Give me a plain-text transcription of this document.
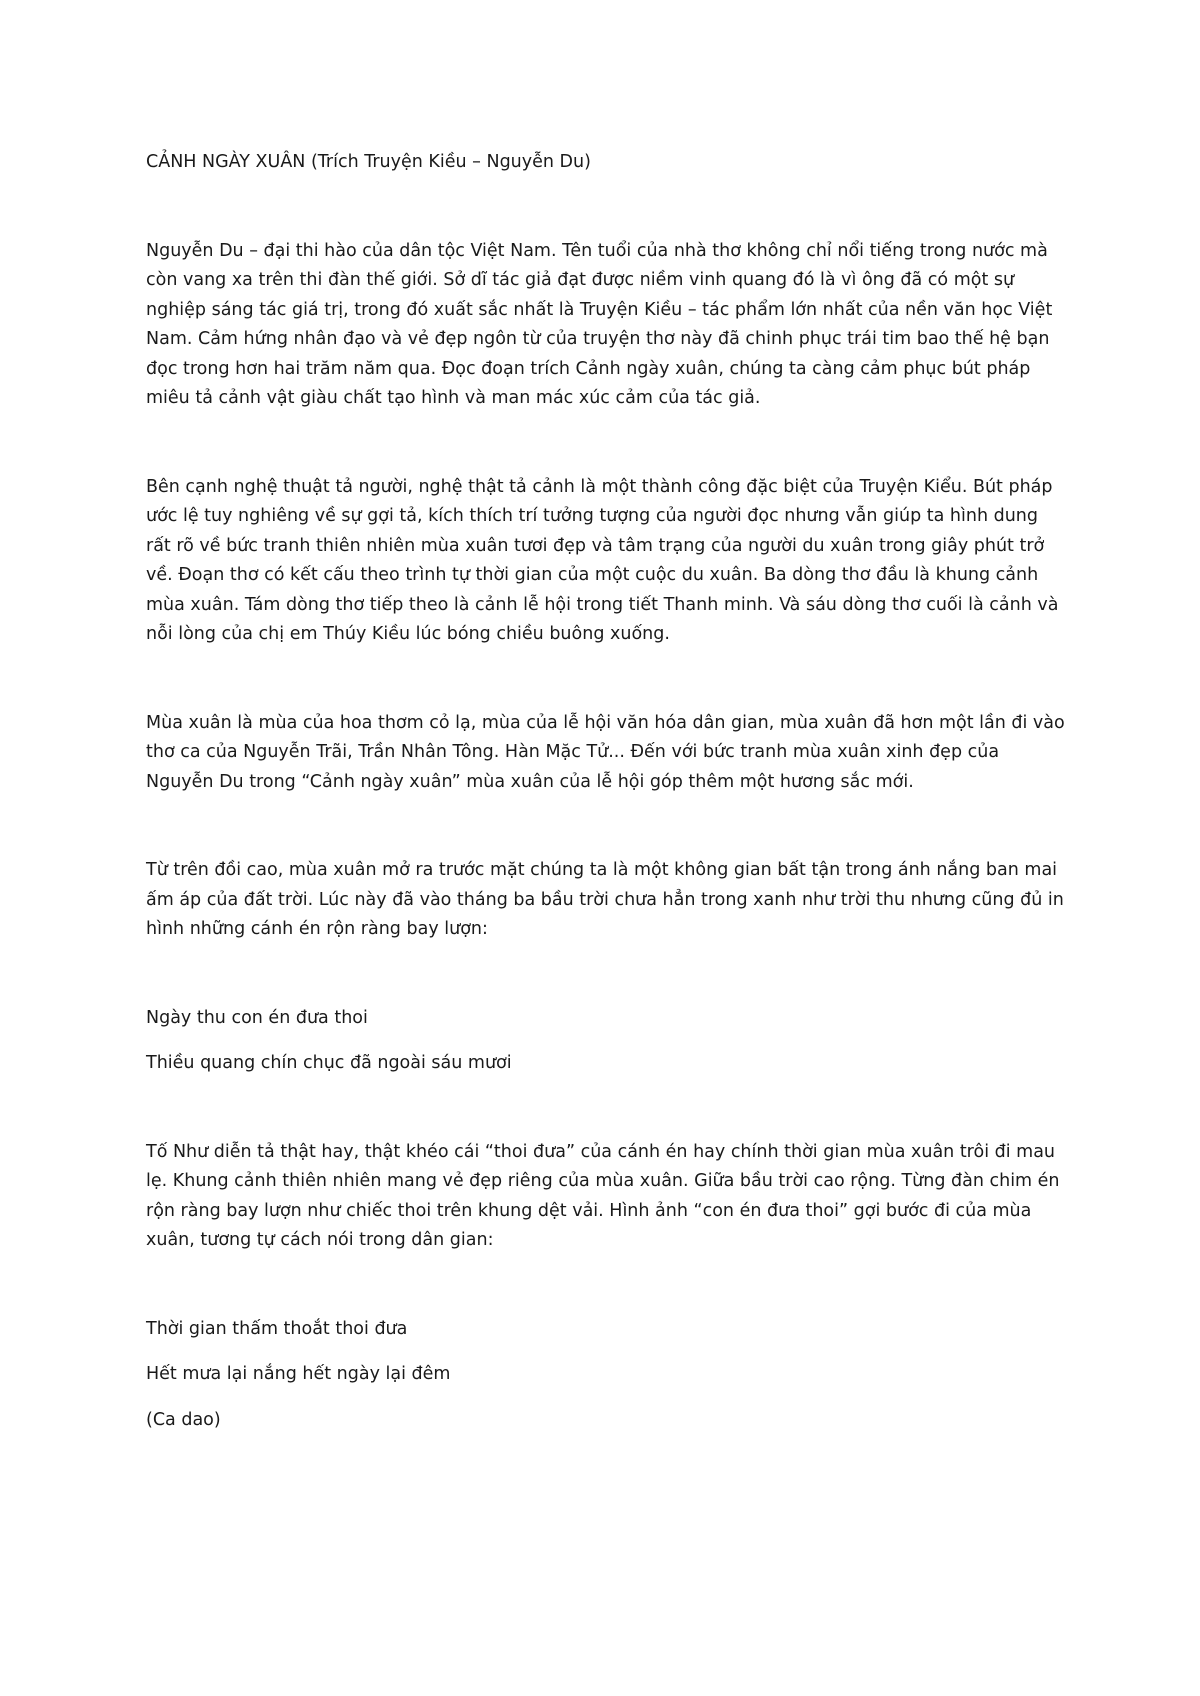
CẢNH NGÀY XUÂN (Trích Truyện Kiều – Nguyễn Du)

Nguyễn Du – đại thi hào của dân tộc Việt Nam. Tên tuổi của nhà thơ không chỉ nổi tiếng trong nước mà còn vang xa trên thi đàn thế giới. Sở dĩ tác giả đạt được niềm vinh quang đó là vì ông đã có một sự nghiệp sáng tác giá trị, trong đó xuất sắc nhất là Truyện Kiều – tác phẩm lớn nhất của nền văn học Việt Nam. Cảm hứng nhân đạo và vẻ đẹp ngôn từ của truyện thơ này đã chinh phục trái tim bao thế hệ bạn đọc trong hơn hai trăm năm qua. Đọc đoạn trích Cảnh ngày xuân, chúng ta càng cảm phục bút pháp miêu tả cảnh vật giàu chất tạo hình và man mác xúc cảm của tác giả.

Bên cạnh nghệ thuật tả người, nghệ thật tả cảnh là một thành công đặc biệt của Truyện Kiểu. Bút pháp ước lệ tuy nghiêng về sự gợi tả, kích thích trí tưởng tượng của người đọc nhưng vẫn giúp ta hình dung rất rõ về bức tranh thiên nhiên mùa xuân tươi đẹp và tâm trạng của người du xuân trong giây phút trở về. Đoạn thơ có kết cấu theo trình tự thời gian của một cuộc du xuân. Ba dòng thơ đầu là khung cảnh mùa xuân. Tám dòng thơ tiếp theo là cảnh lễ hội trong tiết Thanh minh. Và sáu dòng thơ cuối là cảnh và nỗi lòng của chị em Thúy Kiều lúc bóng chiều buông xuống.

Mùa xuân là mùa của hoa thơm cỏ lạ, mùa của lễ hội văn hóa dân gian, mùa xuân đã hơn một lần đi vào thơ ca của Nguyễn Trãi, Trần Nhân Tông. Hàn Mặc Tử... Đến với bức tranh mùa xuân xinh đẹp của Nguyễn Du trong “Cảnh ngày xuân” mùa xuân của lễ hội góp thêm một hương sắc mới.

Từ trên đồi cao, mùa xuân mở ra trước mặt chúng ta là một không gian bất tận trong ánh nắng ban mai ấm áp của đất trời. Lúc này đã vào tháng ba bầu trời chưa hẳn trong xanh như trời thu nhưng cũng đủ in hình những cánh én rộn ràng bay lượn:

Ngày thu con én đưa thoi

Thiều quang chín chục đã ngoài sáu mươi

Tố Như diễn tả thật hay, thật khéo cái “thoi đưa” của cánh én hay chính thời gian mùa xuân trôi đi mau lẹ. Khung cảnh thiên nhiên mang vẻ đẹp riêng của mùa xuân. Giữa bầu trời cao rộng. Từng đàn chim én rộn ràng bay lượn như chiếc thoi trên khung dệt vải. Hình ảnh “con én đưa thoi” gợi bước đi của mùa xuân, tương tự cách nói trong dân gian:

Thời gian thấm thoắt thoi đưa

Hết mưa lại nắng hết ngày lại đêm

(Ca dao)
